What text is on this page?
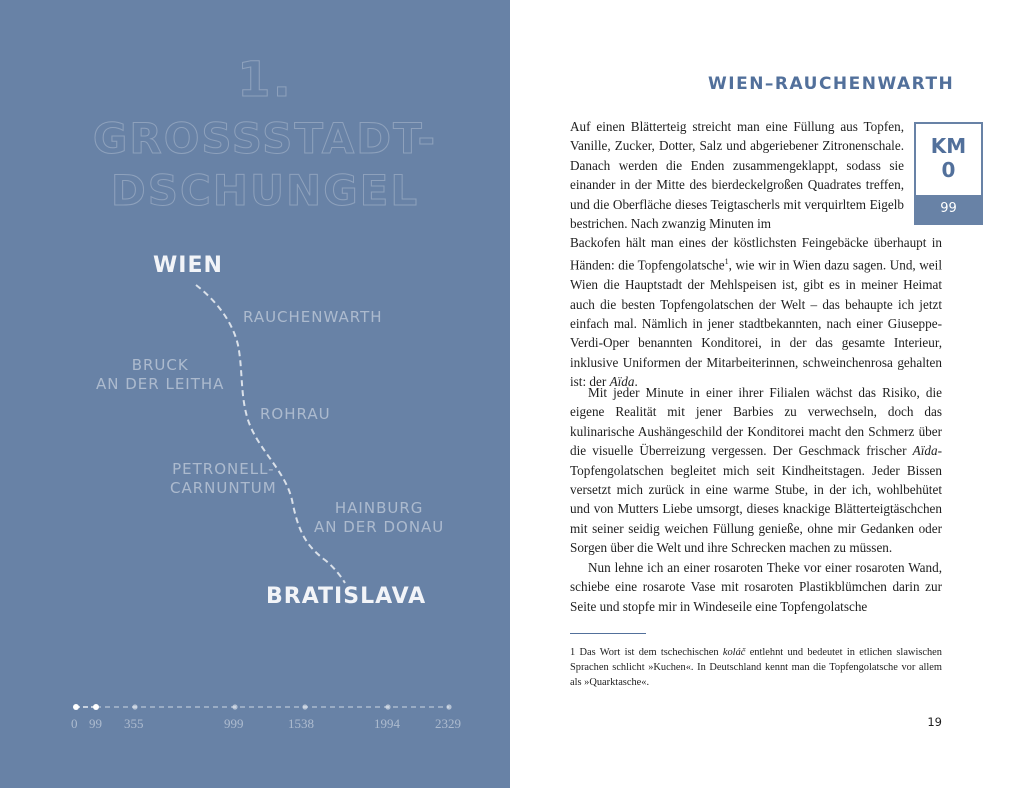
1.
GROSSSTADT-
DSCHUNGEL
WIEN
RAUCHENWARTH
BRUCK
AN DER LEITHA
ROHRAU
PETRONELL-
CARNUNTUM
HAINBURG
AN DER DONAU
BRATISLAVA
0 99 355	999	1538	1994	2329
WIEN–RAUCHENWARTH
KM
0
99

Auf einen Blätterteig streicht man eine Füllung aus Topfen, Vanille, Zucker, Dotter, Salz und abgeriebener Zitronenschale. Danach werden die Enden zusammengeklappt, sodass sie einander in der Mitte des bierdeckelgroßen Quadrates treffen, und die Oberfläche dieses Teigtascherls mit verquirltem Eigelb bestrichen. Nach zwanzig Minuten im

Backofen hält man eines der köstlichsten Feingebäcke überhaupt in Händen: die Topfengolatsche$^1$, wie wir in Wien dazu sagen. Und, weil Wien die Hauptstadt der Mehlspeisen ist, gibt es in meiner Heimat auch die besten Topfengolatschen der Welt – das behaupte ich jetzt einfach mal. Nämlich in jener stadtbekannten, nach einer Giuseppe-Verdi-Oper benannten Konditorei, in der das gesamte Interieur, inklusive Uniformen der Mitarbeiterinnen, schweinchenrosa gehalten ist: der Aïda.

Mit jeder Minute in einer ihrer Filialen wächst das Risiko, die eigene Realität mit jener Barbies zu verwechseln, doch das kulinarische Aushängeschild der Konditorei macht den Schmerz über die visuelle Überreizung vergessen. Der Geschmack frischer Aïda-Topfengolatschen begleitet mich seit Kindheitstagen. Jeder Bissen versetzt mich zurück in eine warme Stube, in der ich, wohlbehütet und von Mutters Liebe umsorgt, dieses knackige Blätterteigtäschchen mit seiner seidig weichen Füllung genieße, ohne mir Gedanken oder Sorgen über die Welt und ihre Schrecken machen zu müssen.

Nun lehne ich an einer rosaroten Theke vor einer rosaroten Wand, schiebe eine rosarote Vase mit rosaroten Plastikblümchen darin zur Seite und stopfe mir in Windeseile eine Topfengolatsche

1 Das Wort ist dem tschechischen koláč entlehnt und bedeutet in etlichen slawischen Sprachen schlicht »Kuchen«. In Deutschland kennt man die Topfengolatsche vor allem als »Quarktasche«.

19
